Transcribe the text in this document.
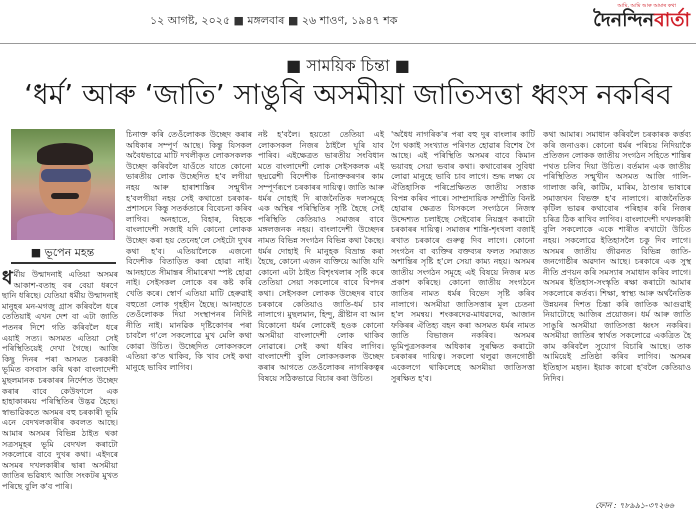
১২ আগষ্ট, ২০২৫ ■ মঙ্গলবাৰ ■ ২৬ শাওণ, ১৯৪৭ শক
আমি, আমি আৰু আমাৰ কথা
দৈনন্দিনবাৰ্তা
■ সাময়িক চিন্তা ■
‘ধৰ্ম’ আৰু ‘জাতি’ সাঙুৰি অসমীয়া জাতিসত্তা ধ্বংস নকৰিব
■ ভূপেন মহন্ত
ধৰ্মীয় উন্মাদনাই এতিয়া অসমৰ আকাশ-বতাহ বৰ বেয়া ধৰণে ছানি ধৰিছে। যেতিয়া ধৰ্মীয় উন্মাদনাই মানুহৰ মন-মগজু গ্ৰাস কৰিবলৈ ধৰে তেতিয়াই এখন দেশ বা এটা জাতি পতনৰ দিশে গতি কৰিবলৈ ধৰে এয়াই সত্য। অসমত এতিয়া সেই পৰিস্থিতিয়েই দেখা গৈছে। আজি কিছু দিনৰ পৰা অসমত চৰকাৰী ভূমিত বসবাস কৰি থকা বাংলাদেশী মুছলমানক চৰকাৰৰ নিৰ্দেশত উচ্ছেদ কৰাৰ বাবে কেউফালে এক হাহাকাৰময় পৰিস্থিতিৰ উদ্ভৱ হৈছে। স্বাভাৱিকতে অসমৰ বহু চৰকাৰী ভূমি এনে বেদখলকাৰীৰ কবলত আছে। আমাৰ অসমৰ বিভিন্ন ঠাইত থকা সত্ৰসমূহৰ ভূমি বেদখল কৰাটো সকলোৰে বাবে দুখৰ কথা। এইদৰে অসমৰ দখলকাৰীৰ দ্বাৰা অসমীয়া জাতিৰ ভৱিষ্যৎ আজি সংকটৰ মুখত পৰিছে বুলি ক'ব পাৰি।
চিনাক্ত কৰি তেওঁলোকক উচ্ছেদ কৰাৰ অধিকাৰ সম্পূৰ্ণ আছে। কিন্তু যিসকল অবৈধভাৱে মাটি দখলীকৃত লোকসকলক উচ্ছেদ কৰিবলৈ যাওঁতে যাতে কোনো ভাৰতীয় লোক উচ্ছেদিত হ'ব লগীয়া নহয় আৰু হাৰাশাস্তিৰ সন্মুখীন হ'বলগীয়া নহয় সেই কথাতো চৰকাৰ-প্ৰশাসনে কিন্তু সতৰ্কতাৰে বিবেচনা কৰিব লাগিব। অনহাতে, বিহাৰ, বিহকে বাংলাদেশী সজাই যদি কোনো লোকক উচ্ছেদ কৰা হয় তেনেহ'লে সেইটো দুখৰ কথা হ'ব। এতিয়ালৈকে এজনো বিদেশীক বিতাড়িত কৰা হোৱা নাই। আনহাতে সীমান্তৰ সীমাৰেখা স্পষ্ট হোৱা নাই। সেইসকল লোকে বৰ কষ্ট কৰি খেতি কৰে। স্বোৰ্ণ এতিয়া মাটি হেৰুৱাই বহুতো লোক গৃহহীন হৈছে। আনহাতে তেওঁলোকক দিয়া সংস্থাপনৰ নিদিষ্ট নীতি নাই। মানৱিক দৃষ্টিকোণৰ পৰা চাবলৈ গ'লে সকলোৱে মুখ মেলি কথা কোৱা উচিত। উচ্ছেদিত লোকসকলে এতিয়া ক'ত থাকিব, কি খাব সেই কথা মানুহে ভাবিব লাগিব।
নষ্ট হ'বলৈ। হয়তো তেতিয়া এই লোকসকল নিজৰ ঠাইলৈ ঘূৰি যাব পাৰিব। এইক্ষেত্ৰত ভাৰতীয় সংবিধান মতে বাংলাদেশী লোক সেইসকলক এই ছদ্মৱেশী বিদেশীক চিনাক্তকৰণৰ কাম সম্পূৰ্ণৰূপে চৰকাৰৰ দায়িত্ব। জাতি আৰু ধৰ্মৰ দোহাই দি ৰাজনৈতিক দলসমূহে এক অস্থিৰ পৰিস্থিতিৰ সৃষ্টি হৈছে সেই পৰিস্থিতি কেতিয়াও সমাজৰ বাবে মঙ্গলজনক নহয়। বাংলাদেশী উচ্ছেদৰ নামত বিভিন্ন সংগঠন বিভিন্ন কথা কৈছে। ধৰ্মৰ দোহাই দি মানুহক বিভ্ৰান্ত কৰা হৈছে, কোনো এজন ব্যক্তিয়ে আজি যদি কোনো এটা ঠাইত বিশৃংখলাৰ সৃষ্টি কৰে তেতিয়া সেয়া সকলোৰে বাবে বিপদৰ কথা। সেইসকল লোকক উচ্ছেদৰ বাবে চৰকাৰে কেতিয়াও জাতি-ধৰ্ম চাব নালাগে। মুছলমান, হিন্দু, খ্ৰীষ্টান বা আন যিকোনো ধৰ্মৰ লোকেই হওক কোনো অসমীয়া বাংলাদেশী লোক থাকিব নোৱাৰে। সেই কথা ধৰিব লাগিব। বাংলাদেশী বুলি লোকসকলক উচ্ছেদ কৰাৰ আগতে তেওঁলোকৰ নাগৰিকত্বৰ বিষয়ে সঠিকভাৱে বিচাৰ কৰা উচিত।
'অধৈধ নাগৰিক'ৰ পৰা বহু দুৰ বাংলাৰ কাটি গৈ থকাই সংখ্যাত পৰিণত হোৱাৰ বিশেষ গৈ আছে। এই পৰিস্থিতি অসমৰ বাবে কিমান ভয়াবহ সেয়া ভবাৰ কথা। কথাবোৰৰ সুবিধা লোৱা মানুহে ভাবি চাব লাগে। শুদ্ধ লক্ষ্য যে ঐতিহাসিক পৰিপ্ৰেক্ষিতত জাতীয় সত্তাক বিপন্ন কৰিব পাৰে। সাম্প্ৰদায়িক সম্প্ৰীতি বিনষ্ট হোৱাৰ ক্ষেত্ৰত যিসকলে সংগঠনে নিজস্ব উদ্দেশ্যত চলাইছে সেইবোৰ নিয়ন্ত্ৰণ কৰাটো চৰকাৰৰ দায়িত্ব। সমাজৰ শান্তি-শৃংখলা বজাই ৰখাত চৰকাৰে গুৰুত্ব দিব লাগে। কোনো সংগঠন বা ব্যক্তিৰ বক্তব্যৰ ফলত সমাজত অশান্তিৰ সৃষ্টি হ'লে সেয়া কাম্য নহয়। অসমৰ জাতীয় সংগঠন সমূহে এই বিষয়ে নিজৰ মত প্ৰকাশ কৰিছে। কোনো জাতীয় সংগঠনে জাতিৰ নামত ধৰ্মৰ বিভেদ সৃষ্টি কৰিব নালাগে। অসমীয়া জাতিসত্তাৰ মূল চেতনা হ'ল সমন্বয়। শংকৰদেৱ-মাধৱদেৱ, আজান ফকিৰৰ ঐতিহ্য বহন কৰা অসমত ধৰ্মৰ নামত জাতি বিভাজন নকৰিব। অসমৰ ভূমিপুত্ৰসকলৰ অধিকাৰ সুৰক্ষিত কৰাটো চৰকাৰৰ দায়িত্ব। সকলো থলুৱা জনগোষ্ঠী একেলগে থাকিলেহে অসমীয়া জাতিসত্তা সুৰক্ষিত হ'ব।
কথা আমাৰ। সমাধান কৰিবলৈ চৰকাৰক কৰ্ত্তব্য কৰি জনাওক। কোনো ধৰ্মৰ পৰিচয় নিদিয়াকৈ প্ৰতিজন লোকক জাতীয় সংগঠন সহিতে শান্তিৰ পথত চলিব দিয়া উচিত। বৰ্তমান এক জাতীয় পৰিস্থিতিত সন্মুখীন অসমত আজি গালি-গালাজ কৰি, কাটিম, মাৰিম, ঠাণ্ডাৰ ভাষাৰে সমাজখন বিভক্ত হ'ব নালাগে। ৰাজনৈতিক কৃটিল ভাৱৰ কথাবোৰ পৰিহাৰ কৰি নিজৰ চৰিত্ৰ ঠিক ৰাখিব লাগিব। বাংলাদেশী দখলকাৰী বুলি সকলোকে একে শাৰীত ৰখাটো উচিত নহয়। সকলোৱে ইতিহাসলৈ চকু দিব লাগে। অসমৰ জাতীয় জীৱনত বিভিন্ন জাতি-জনগোষ্ঠীৰ অৱদান আছে। চৰকাৰে এক সুস্থ নীতি প্ৰণয়ন কৰি সমস্যাৰ সমাধান কৰিব লাগে। অসমৰ ইতিহাস-সংস্কৃতি ৰক্ষা কৰাটো আমাৰ সকলোৰে কৰ্তব্য। শিক্ষা, স্বাস্থ্য আৰু অৰ্থনৈতিক উন্নয়নৰ দিশত চিন্তা কৰি জাতিক আগুৱাই নিয়াটোহে আজিৰ প্ৰয়োজন। ধৰ্ম আৰু জাতি সাঙুৰি অসমীয়া জাতিসত্তা ধ্বংস নকৰিব। অসমীয়া জাতিৰ স্বাৰ্থত সকলোৱে একত্ৰিত হৈ কাম কৰিবলৈ সুযোগ বিচাৰি আছে। তাক আমিয়েই প্ৰতিষ্ঠা কৰিব লাগিব। অসমৰ ইতিহাস মহান। ইয়াক কাৰো হ'বলৈ কেতিয়াও নিদিব।
ফোন : ৭৮৯৯১-৩৭২৬৬
